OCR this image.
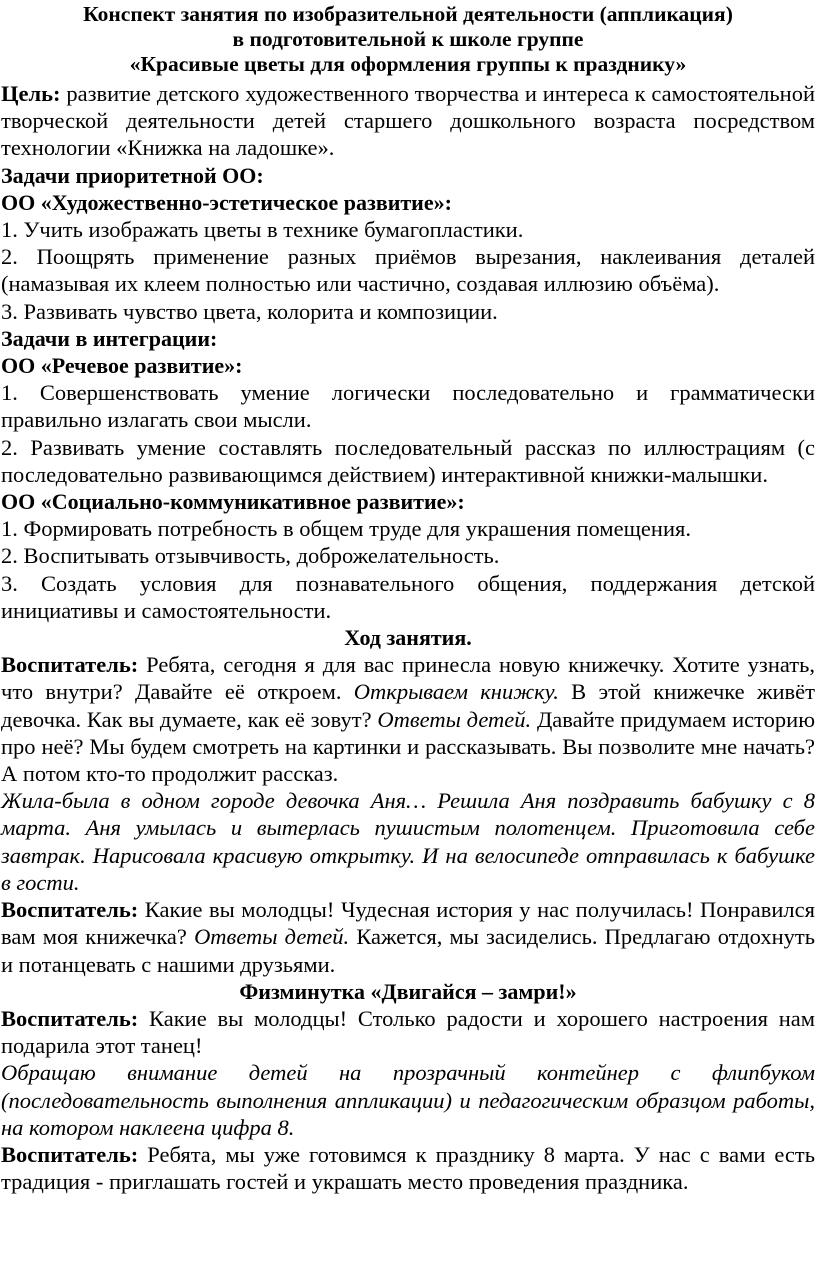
Конспект занятия по изобразительной деятельности (аппликация)

в подготовительной к школе группе

«Красивые цветы для оформления группы к празднику»

Цель: развитие детского художественного творчества и интереса к самостоятельной творческой деятельности детей старшего дошкольного возраста посредством технологии «Книжка на ладошке».

Задачи приоритетной ОО:

ОО «Художественно-эстетическое развитие»:

1. Учить изображать цветы в технике бумагопластики.

2. Поощрять применение разных приёмов вырезания, наклеивания деталей (намазывая их клеем полностью или частично, создавая иллюзию объёма).

3. Развивать чувство цвета, колорита и композиции.

Задачи в интеграции:

ОО «Речевое развитие»:

1. Совершенствовать умение логически последовательно и грамматически правильно излагать свои мысли.

2. Развивать умение составлять последовательный рассказ по иллюстрациям (с последовательно развивающимся действием) интерактивной книжки-малышки.

ОО «Социально-коммуникативное развитие»:

1. Формировать потребность в общем труде для украшения помещения.

2. Воспитывать отзывчивость, доброжелательность.

3. Создать условия для познавательного общения, поддержания детской инициативы и самостоятельности.

Ход занятия.

Воспитатель: Ребята, сегодня я для вас принесла новую книжечку. Хотите узнать, что внутри? Давайте её откроем. Открываем книжку. В этой книжечке живёт девочка. Как вы думаете, как её зовут? Ответы детей. Давайте придумаем историю про неё? Мы будем смотреть на картинки и рассказывать. Вы позволите мне начать? А потом кто-то продолжит рассказ.

Жила-была в одном городе девочка Аня… Решила Аня поздравить бабушку с 8 марта. Аня умылась и вытерлась пушистым полотенцем. Приготовила себе завтрак. Нарисовала красивую открытку. И на велосипеде отправилась к бабушке в гости.

Воспитатель: Какие вы молодцы! Чудесная история у нас получилась! Понравился вам моя книжечка? Ответы детей. Кажется, мы засиделись. Предлагаю отдохнуть и потанцевать с нашими друзьями.

Физминутка «Двигайся – замри!»

Воспитатель: Какие вы молодцы! Столько радости и хорошего настроения нам подарила этот танец!

Обращаю внимание детей на прозрачный контейнер с флипбуком (последовательность выполнения аппликации) и педагогическим образцом работы, на котором наклеена цифра 8.

Воспитатель: Ребята, мы уже готовимся к празднику 8 марта. У нас с вами есть традиция - приглашать гостей и украшать место проведения праздника.
